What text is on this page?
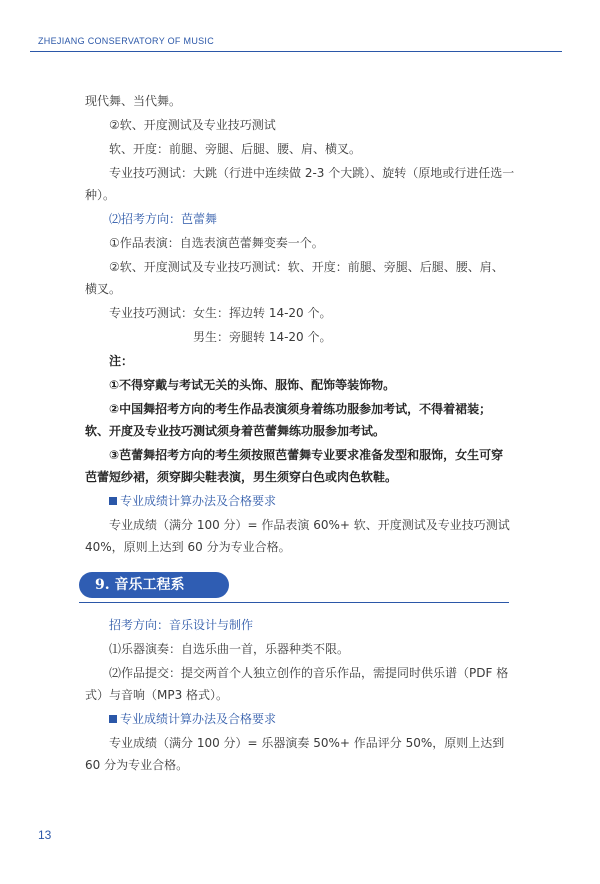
ZHEJIANG CONSERVATORY OF MUSIC

现代舞、当代舞。

②软、开度测试及专业技巧测试

软、开度：前腿、旁腿、后腿、腰、肩、横叉。

专业技巧测试：大跳（行进中连续做 2-3 个大跳）、旋转（原地或行进任选一种）。

⑵招考方向：芭蕾舞

①作品表演：自选表演芭蕾舞变奏一个。

②软、开度测试及专业技巧测试：软、开度：前腿、旁腿、后腿、腰、肩、横叉。

专业技巧测试：女生：挥边转 14-20 个。

男生：旁腿转 14-20 个。

注：

①不得穿戴与考试无关的头饰、服饰、配饰等装饰物。

②中国舞招考方向的考生作品表演须身着练功服参加考试，不得着裙装；软、开度及专业技巧测试须身着芭蕾舞练功服参加考试。

③芭蕾舞招考方向的考生须按照芭蕾舞专业要求准备发型和服饰，女生可穿芭蕾短纱裙，须穿脚尖鞋表演，男生须穿白色或肉色软鞋。

专业成绩计算办法及合格要求

专业成绩（满分 100 分）= 作品表演 60%+ 软、开度测试及专业技巧测试 40%，原则上达到 60 分为专业合格。

9. 音乐工程系

招考方向：音乐设计与制作

⑴乐器演奏：自选乐曲一首，乐器种类不限。

⑵作品提交：提交两首个人独立创作的音乐作品，需提同时供乐谱（PDF 格式）与音响（MP3 格式）。

专业成绩计算办法及合格要求

专业成绩（满分 100 分）= 乐器演奏 50%+ 作品评分 50%，原则上达到 60 分为专业合格。

13
